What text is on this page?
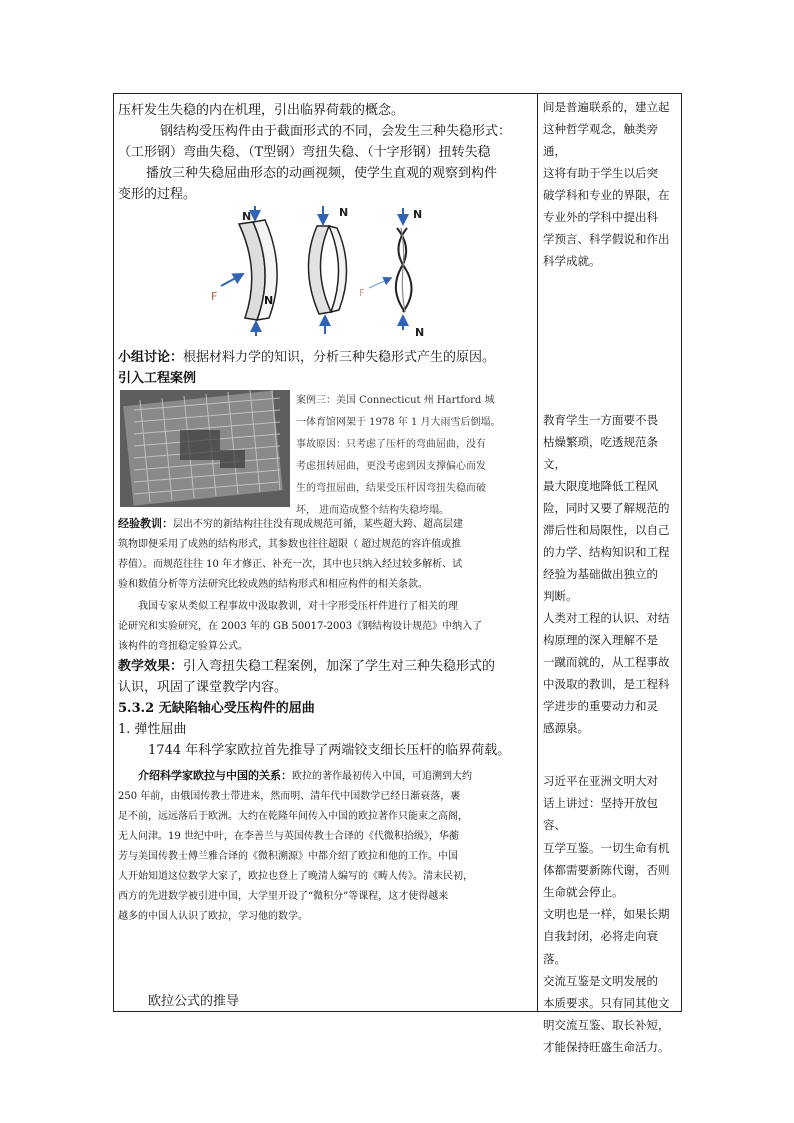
压杆发生失稳的内在机理，引出临界荷载的概念。

钢结构受压构件由于截面形式的不同，会发生三种失稳形式：

（工形钢）弯曲失稳、（T型钢）弯扭失稳、（十字形钢）扭转失稳

播放三种失稳屈曲形态的动画视频，使学生直观的观察到构件

变形的过程。

N
F
N	N
F
N
N

小组讨论：根据材料力学的知识，分析三种失稳形式产生的原因。

引入工程案例

案例三：美国 Connecticut 州 Hartford 城
一体育馆网架于 1978 年 1 月大雨雪后倒塌。
事故原因：只考虑了压杆的弯曲屈曲，没有
考虑扭转屈曲，更没考虑到因支撑偏心而发
生的弯扭屈曲，结果受压杆因弯扭失稳而破
坏， 进而造成整个结构失稳垮塌。

经验教训：层出不穷的新结构往往没有现成规范可循，某些超大跨、超高层建

筑物即便采用了成熟的结构形式，其参数也往往超限（ 超过规范的容许值或推

荐值）。而规范往往 10 年才修正、补充一次，其中也只纳入经过较多解析、试

验和数值分析等方法研究比较成熟的结构形式和相应构件的相关条款。

我国专家从类似工程事故中汲取教训，对十字形受压杆件进行了相关的理

论研究和实验研究，在 2003 年的 GB 50017-2003《钢结构设计规范》中纳入了

该构件的弯扭稳定验算公式。

教学效果：引入弯扭失稳工程案例，加深了学生对三种失稳形式的

认识，巩固了课堂教学内容。

5.3.2 无缺陷轴心受压构件的屈曲

1. 弹性屈曲

1744 年科学家欧拉首先推导了两端铰支细长压杆的临界荷载。

介绍科学家欧拉与中国的关系：欧拉的著作最初传入中国，可追溯到大约

250 年前，由俄国传教士带进来，然而明、清年代中国数学已经日渐衰落，裹

足不前，远远落后于欧洲。大约在乾隆年间传入中国的欧拉著作只能束之高阁，

无人问津。19 世纪中叶，在李善兰与英国传教士合译的《代微积拾级》，华蘅

芳与美国传教士傅兰雅合译的《微积溯源》中都介绍了欧拉和他的工作。中国

人开始知道这位数学大家了，欧拉也登上了晚清人编写的《畴人传》。清末民初，

西方的先进数学被引进中国，大学里开设了“微积分”等课程，这才使得越来

越多的中国人认识了欧拉，学习他的数学。

欧拉公式的推导
间是普遍联系的，建立起
这种哲学观念，触类旁通，
这将有助于学生以后突
破学科和专业的界限，在
专业外的学科中提出科
学预言、科学假说和作出
科学成就。
教育学生一方面要不畏
枯燥繁琐，吃透规范条文，
最大限度地降低工程风
险，同时又要了解规范的
滞后性和局限性，以自己
的力学、结构知识和工程
经验为基础做出独立的
判断。
人类对工程的认识、对结
构原理的深入理解不是
一蹴而就的，从工程事故
中汲取的教训，是工程科
学进步的重要动力和灵
感源泉。
习近平在亚洲文明大对
话上讲过：坚持开放包容、
互学互鉴。一切生命有机
体都需要新陈代谢，否则
生命就会停止。
文明也是一样，如果长期
自我封闭，必将走向衰落。
交流互鉴是文明发展的
本质要求。只有同其他文
明交流互鉴、取长补短，
才能保持旺盛生命活力。
